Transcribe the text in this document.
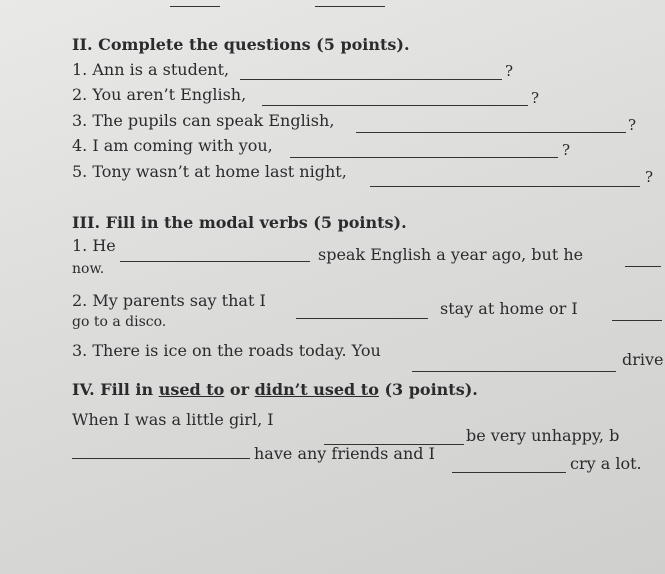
II. Complete the questions (5 points).
1. Ann is a student,	?
2. You aren’t English,	?
3. The pupils can speak English,	?
4. I am coming with you,	?
5. Tony wasn’t at home last night,	?
III. Fill in the modal verbs (5 points).
1. He	speak English a year ago, but he
now.
2. My parents say that I	stay at home or I
go to a disco.
3. There is ice on the roads today. You	drive
IV. Fill in used to or didn’t used to (3 points).
When I was a little girl, I
be very unhappy, b
have any friends and I
cry a lot.
